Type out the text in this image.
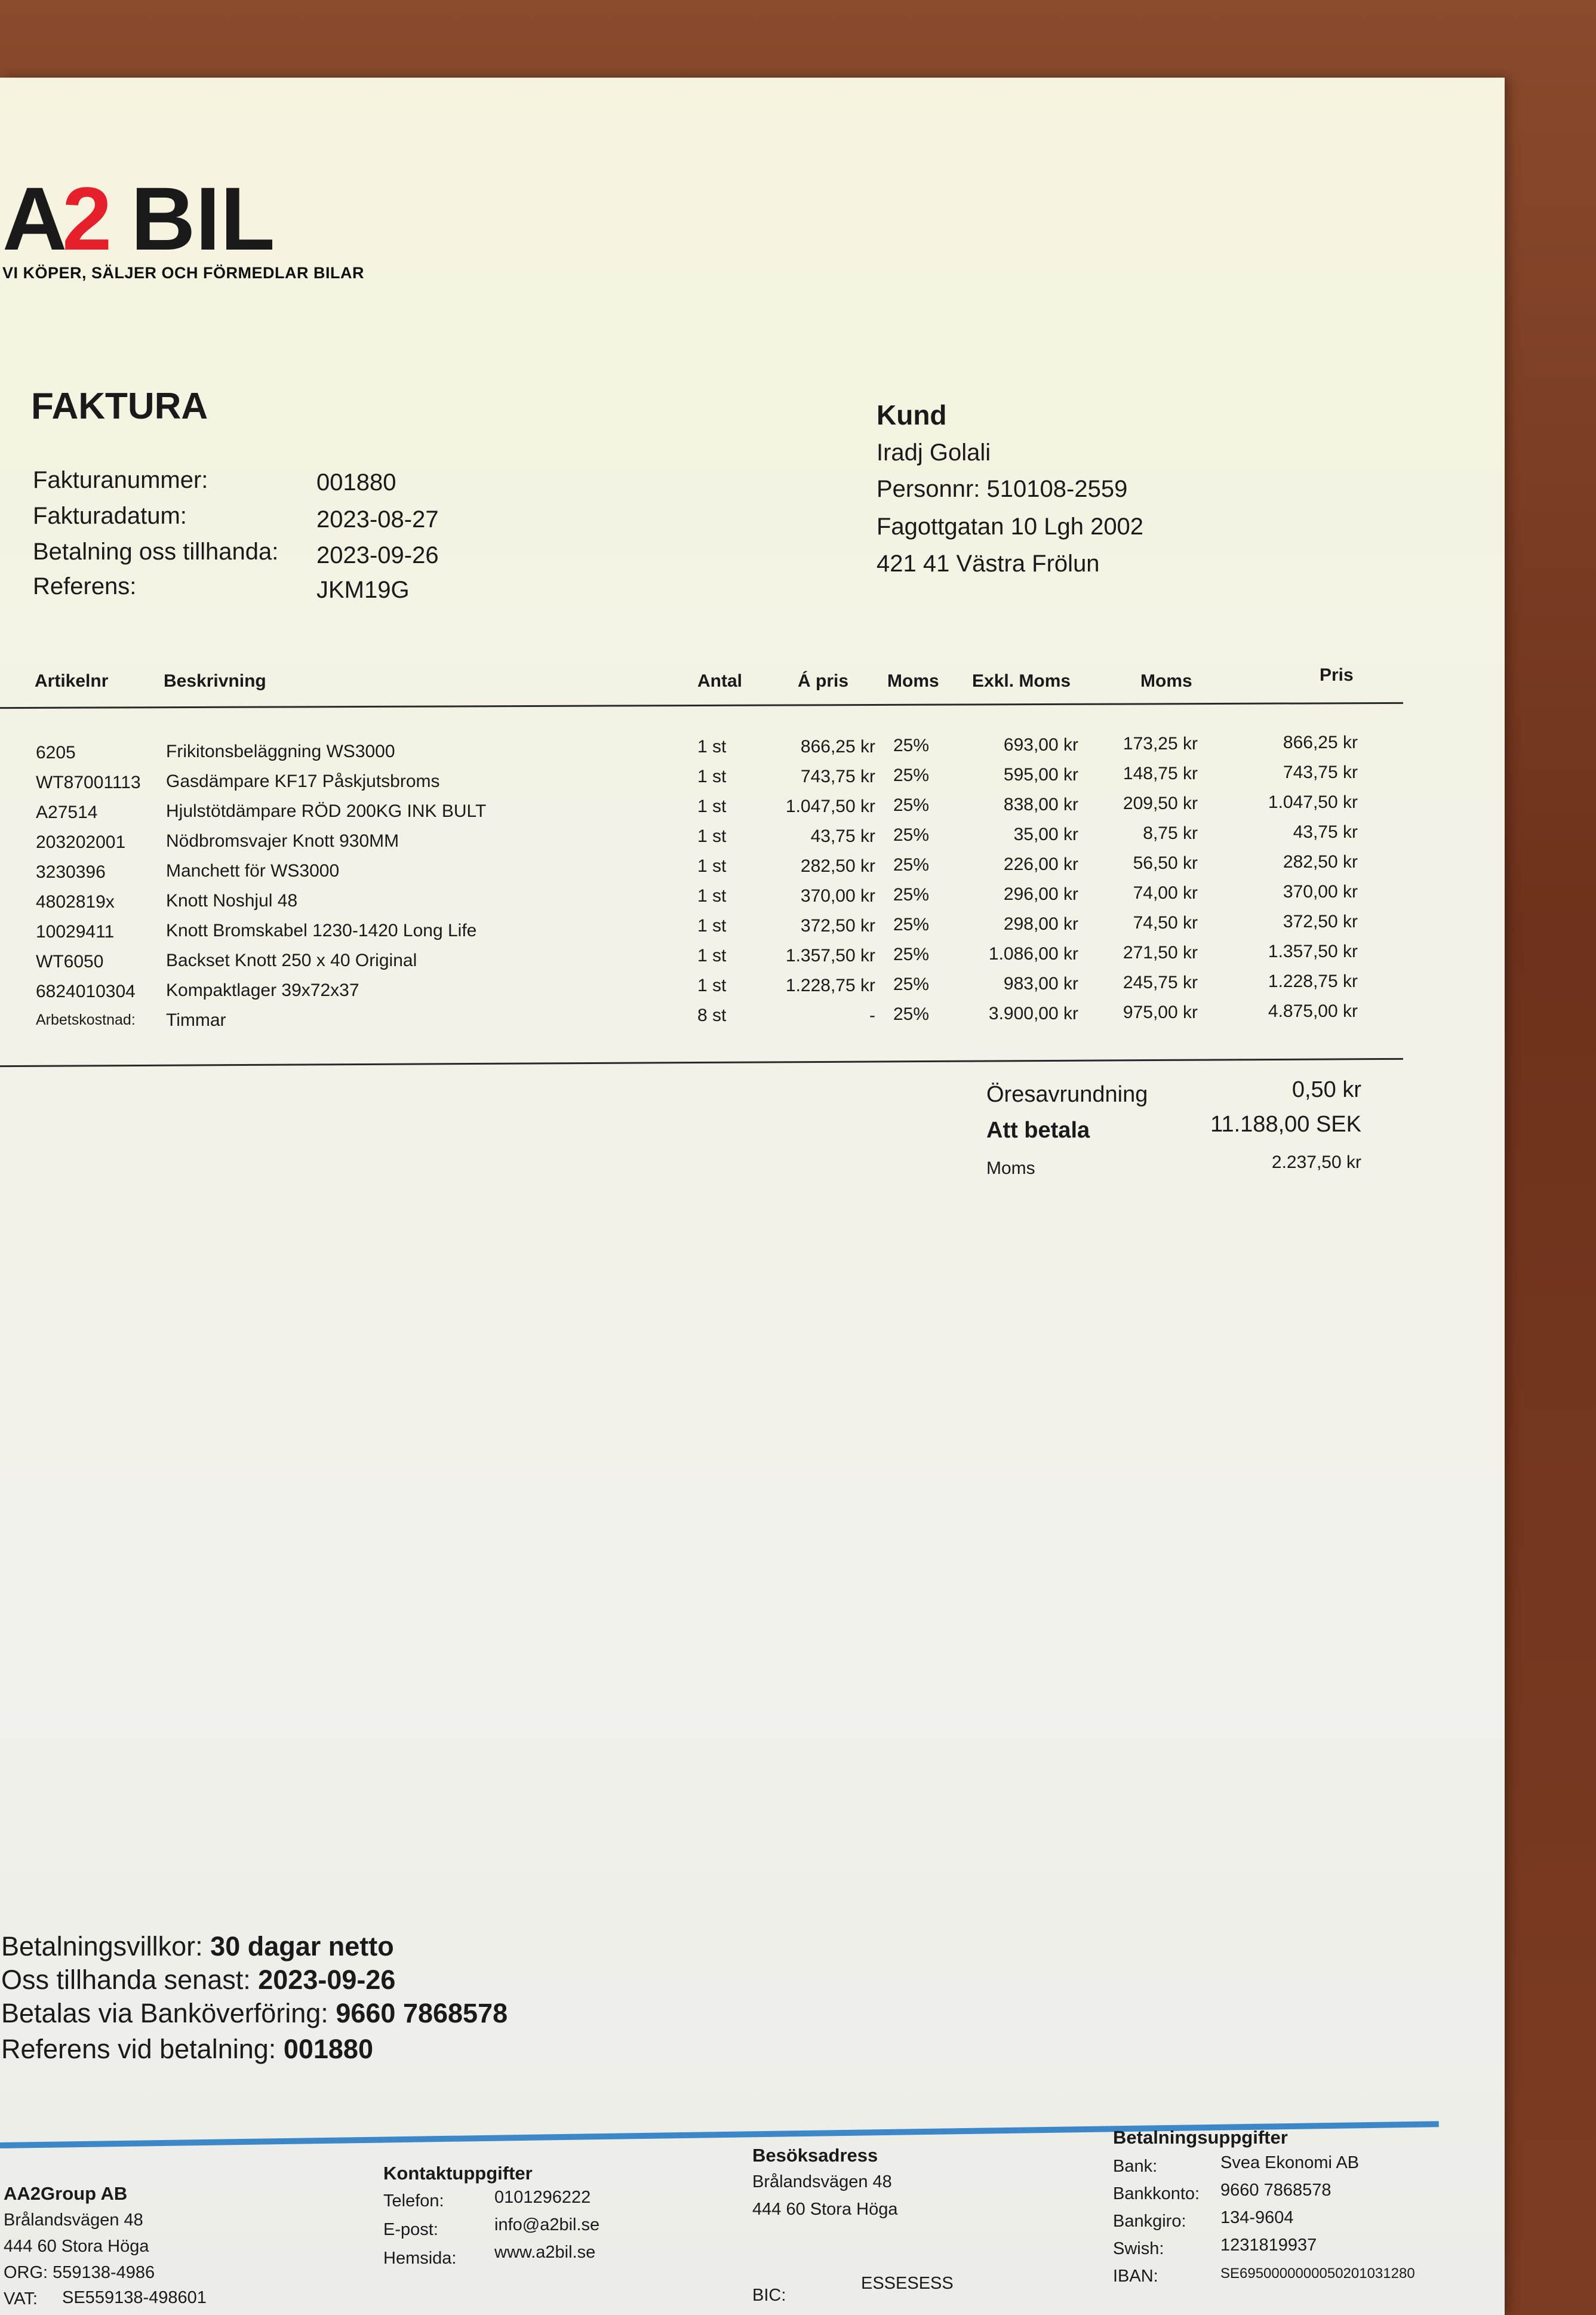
A
2 BIL
VI KÖPER, SÄLJER OCH FÖRMEDLAR BILAR
FAKTURA
Fakturanummer:	001880
Fakturadatum:	2023-08-27
Betalning oss tillhanda: 2023-09-26
Referens:	JKM19G
Kund
Iradj Golali
Personnr: 510108-2559
Fagottgatan 10 Lgh 2002
421 41 Västra Frölun
Artikelnr	Beskrivning	Antal	Á pris Moms Exkl. Moms	Moms	Pris
6205	Frikitonsbeläggning WS3000	1 st	866,25 kr 25%	693,00 kr	173,25 kr	866,25 kr
WT87001113	Gasdämpare KF17 Påskjutsbroms	1 st	743,75 kr 25%	595,00 kr	148,75 kr	743,75 kr
A27514	Hjulstötdämpare RÖD 200KG INK BULT	1 st	1.047,50 kr 25%	838,00 kr	209,50 kr	1.047,50 kr
203202001	Nödbromsvajer Knott 930MM	1 st	43,75 kr 25%	35,00 kr	8,75 kr	43,75 kr
3230396	Manchett för WS3000	1 st	282,50 kr 25%	226,00 kr	56,50 kr	282,50 kr
4802819x	Knott Noshjul 48	1 st	370,00 kr 25%	296,00 kr	74,00 kr	370,00 kr
10029411	Knott Bromskabel 1230-1420 Long Life	1 st	372,50 kr 25%	298,00 kr	74,50 kr	372,50 kr
WT6050	Backset Knott 250 x 40 Original	1 st	1.357,50 kr 25%	1.086,00 kr	271,50 kr	1.357,50 kr
6824010304	Kompaktlager 39x72x37	1 st	1.228,75 kr 25%	983,00 kr	245,75 kr	1.228,75 kr
Arbetskostnad:	Timmar	8 st	- 25%	3.900,00 kr	975,00 kr	4.875,00 kr
Öresavrundning	0,50 kr
Att betala	11.188,00 SEK
Moms	2.237,50 kr
Betalningsvillkor: 30 dagar netto
Oss tillhanda senast: 2023-09-26
Betalas via Banköverföring: 9660 7868578
Referens vid betalning: 001880
AA2Group AB
Brålandsvägen 48
444 60 Stora Höga
ORG: 559138-4986
VAT: SE559138-498601
Kontaktuppgifter
Telefon:	0101296222
E-post:	info@a2bil.se
Hemsida: www.a2bil.se
Besöksadress
Brålandsvägen 48
444 60 Stora Höga
BIC:
ESSESESS
Betalningsuppgifter
Bank:	Svea Ekonomi AB
Bankkonto: 9660 7868578
Bankgiro: 134-9604
Swish:	1231819937
IBAN:	SE6950000000050201031280
